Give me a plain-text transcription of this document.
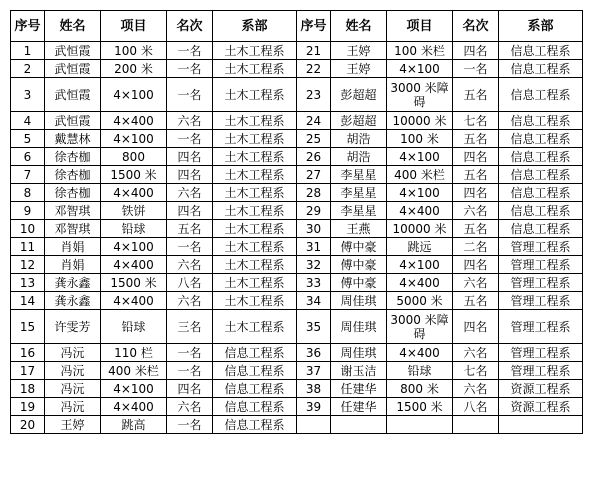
序号	姓名	项目	名次	系部	序号	姓名	项目	名次	系部
1	武恒霞	100 米	一名	土木工程系	21	王婷	100 米栏	四名	信息工程系
2	武恒霞	200 米	一名	土木工程系	22	王婷	4×100	一名	信息工程系
3	武恒霞	4×100	一名	土木工程系	23	彭超超	3000 米障碍	五名	信息工程系
4	武恒霞	4×400	六名	土木工程系	24	彭超超	10000 米	七名	信息工程系
5	戴慧林	4×100	一名	土木工程系	25	胡浩	100 米	五名	信息工程系
6	徐杏枷	800	四名	土木工程系	26	胡浩	4×100	四名	信息工程系
7	徐杏枷	1500 米	四名	土木工程系	27	李星星	400 米栏	五名	信息工程系
8	徐杏枷	4×400	六名	土木工程系	28	李星星	4×100	四名	信息工程系
9	邓智琪	铁饼	四名	土木工程系	29	李星星	4×400	六名	信息工程系
10	邓智琪	铅球	五名	土木工程系	30	王燕	10000 米	五名	信息工程系
11	肖娟	4×100	一名	土木工程系	31	傅中豪	跳远	二名	管理工程系
12	肖娟	4×400	六名	土木工程系	32	傅中豪	4×100	四名	管理工程系
13	龚永鑫	1500 米	八名	土木工程系	33	傅中豪	4×400	六名	管理工程系
14	龚永鑫	4×400	六名	土木工程系	34	周佳琪	5000 米	五名	管理工程系
15	许雯芳	铅球	三名	土木工程系	35	周佳琪	3000 米障碍	四名	管理工程系
16	冯沅	110 栏	一名	信息工程系	36	周佳琪	4×400	六名	管理工程系
17	冯沅	400 米栏	一名	信息工程系	37	谢玉洁	铅球	七名	管理工程系
18	冯沅	4×100	四名	信息工程系	38	任建华	800 米	六名	资源工程系
19	冯沅	4×400	六名	信息工程系	39	任建华	1500 米	八名	资源工程系
20	王婷	跳高	一名	信息工程系					
